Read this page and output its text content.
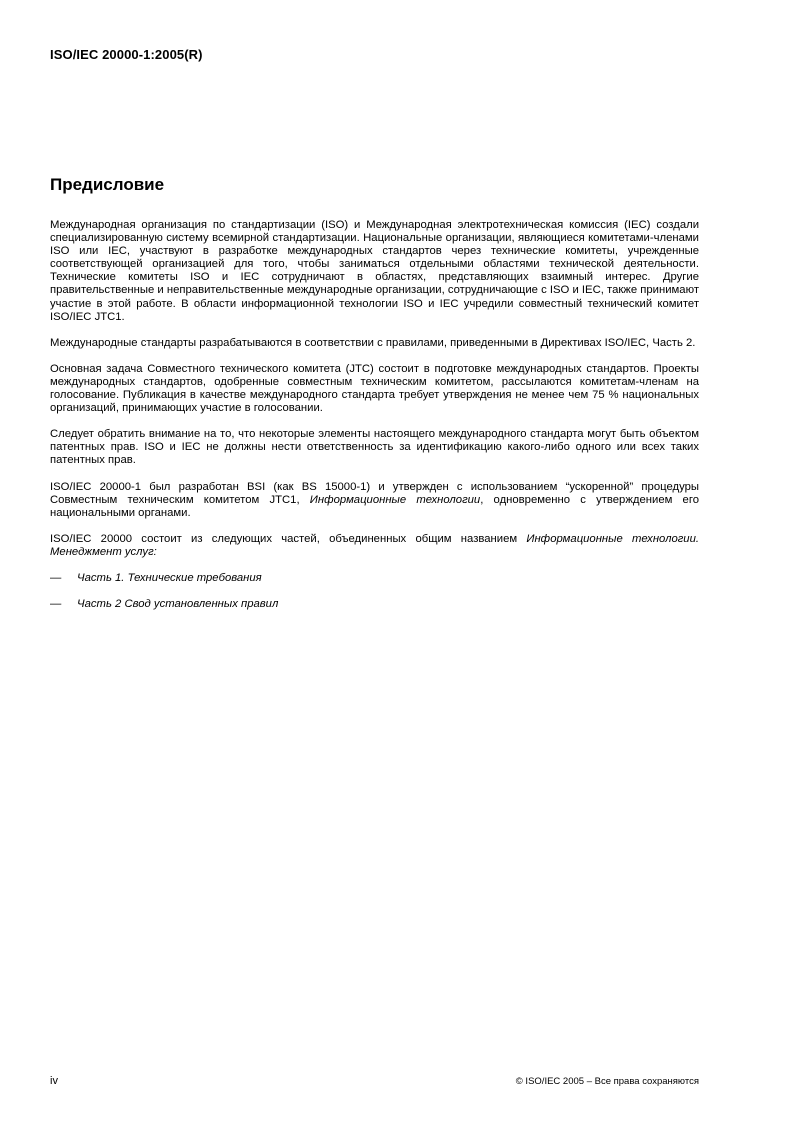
ISO/IEC 20000-1:2005(R)
Предисловие

Международная организация по стандартизации (ISO) и Международная электротехническая комиссия (IEC) создали специализированную систему всемирной стандартизации. Национальные организации, являющиеся комитетами-членами ISO или IEC, участвуют в разработке международных стандартов через технические комитеты, учрежденные соответствующей организацией для того, чтобы заниматься отдельными областями технической деятельности. Технические комитеты ISO и IEC сотрудничают в областях, представляющих взаимный интерес. Другие правительственные и неправительственные международные организации, сотрудничающие с ISO и IEC, также принимают участие в этой работе. В области информационной технологии ISO и IEC учредили совместный технический комитет ISO/IEC JTC1.

Международные стандарты разрабатываются в соответствии с правилами, приведенными в Директивах ISO/IEC, Часть 2.

Основная задача Совместного технического комитета (JTC) состоит в подготовке международных стандартов. Проекты международных стандартов, одобренные совместным техническим комитетом, рассылаются комитетам-членам на голосование. Публикация в качестве международного стандарта требует утверждения не менее чем 75 % национальных организаций, принимающих участие в голосовании.

Следует обратить внимание на то, что некоторые элементы настоящего международного стандарта могут быть объектом патентных прав. ISO и IEC не должны нести ответственность за идентификацию какого-либо одного или всех таких патентных прав.

ISO/IEC 20000-1 был разработан BSI (как BS 15000-1) и утвержден с использованием “ускоренной” процедуры Совместным техническим комитетом JTC1, Информационные технологии, одновременно с утверждением его национальными органами.

ISO/IEC 20000 состоит из следующих частей, объединенных общим названием Информационные технологии. Менеджмент услуг:

—	Часть 1. Технические требования
—	Часть 2 Свод установленных правил
iv	© ISO/IEC 2005 – Все права сохраняются
